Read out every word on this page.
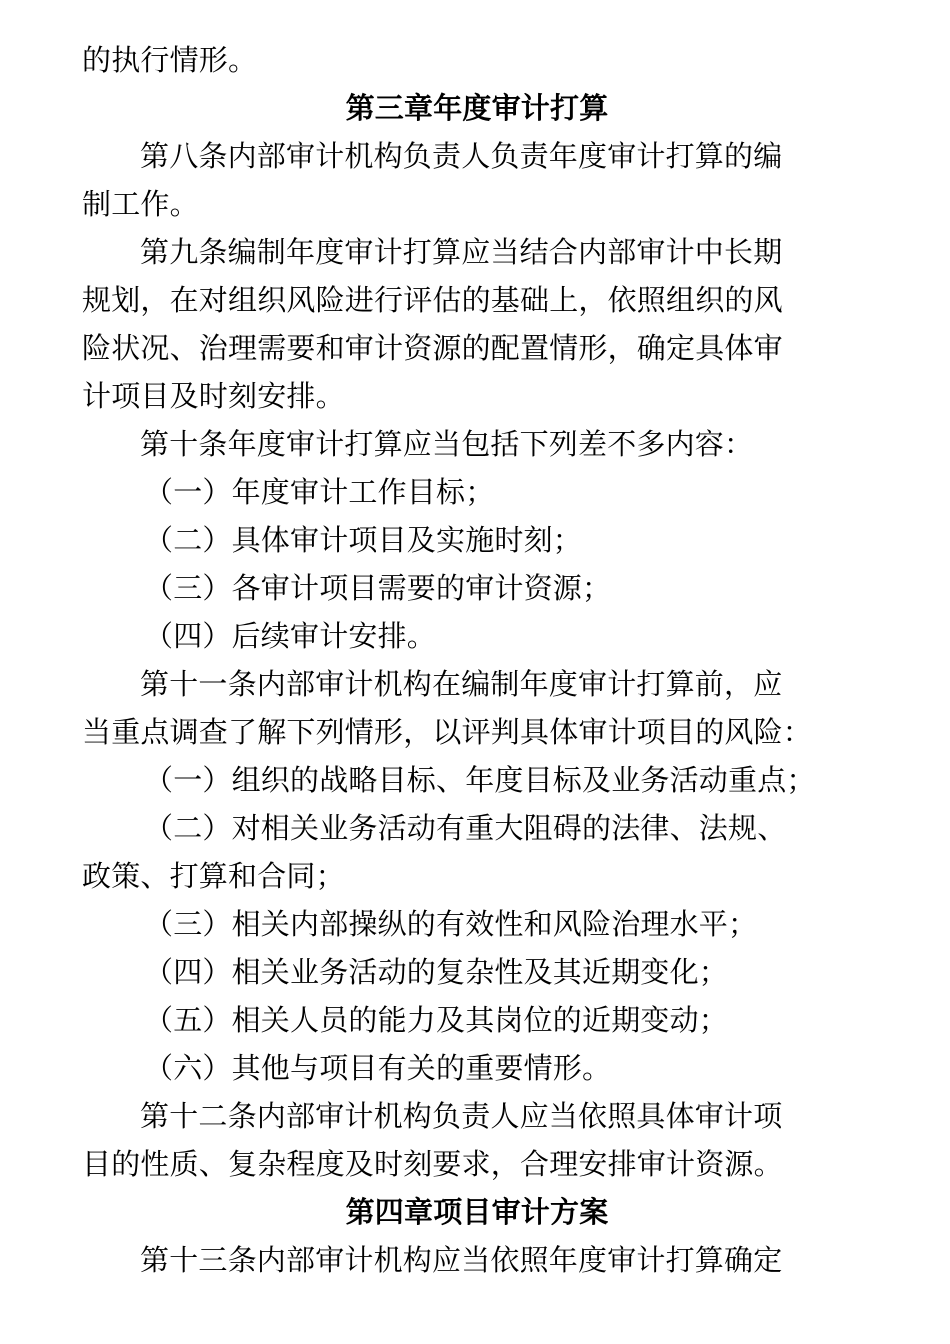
的执行情形。
第三章年度审计打算
第八条内部审计机构负责人负责年度审计打算的编
制工作。
第九条编制年度审计打算应当结合内部审计中长期
规划，在对组织风险进行评估的基础上，依照组织的风
险状况、治理需要和审计资源的配置情形，确定具体审
计项目及时刻安排。
第十条年度审计打算应当包括下列差不多内容：
（一）年度审计工作目标；
（二）具体审计项目及实施时刻；
（三）各审计项目需要的审计资源；
（四）后续审计安排。
第十一条内部审计机构在编制年度审计打算前，应
当重点调查了解下列情形，以评判具体审计项目的风险：
（一）组织的战略目标、年度目标及业务活动重点；
（二）对相关业务活动有重大阻碍的法律、法规、
政策、打算和合同；
（三）相关内部操纵的有效性和风险治理水平；
（四）相关业务活动的复杂性及其近期变化；
（五）相关人员的能力及其岗位的近期变动；
（六）其他与项目有关的重要情形。
第十二条内部审计机构负责人应当依照具体审计项
目的性质、复杂程度及时刻要求，合理安排审计资源。
第四章项目审计方案
第十三条内部审计机构应当依照年度审计打算确定
